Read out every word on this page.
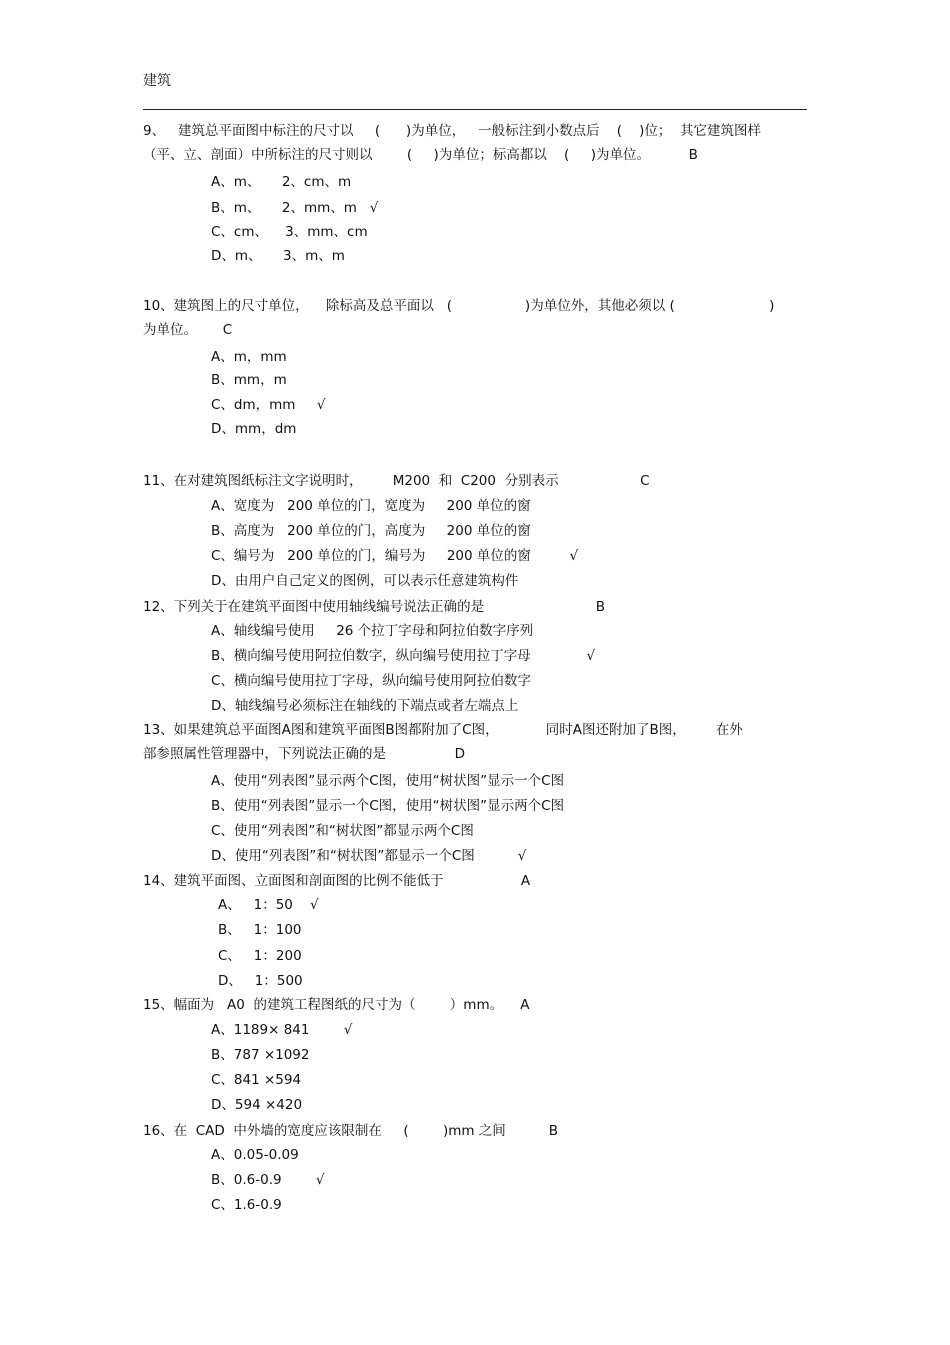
建筑
9、   建筑总平面图中标注的尺寸以     (      )为单位，   一般标注到小数点后    (    )位；  其它建筑图样
（平、立、剖面）中所标注的尺寸则以        (     )为单位；标高都以    (     )为单位。         B
A、m、     2、cm、m
B、m、     2、mm、m   √
C、cm、    3、mm、cm
D、m、     3、m、m
10、建筑图上的尺寸单位，    除标高及总平面以   (                 )为单位外，其他必须以 (                      )
为单位。      C
A、m，mm
B、mm，m
C、dm，mm     √
D、mm，dm
11、在对建筑图纸标注文字说明时，       M200  和  C200  分别表示                   C
A、宽度为   200 单位的门，宽度为     200 单位的窗
B、高度为   200 单位的门，高度为     200 单位的窗
C、编号为   200 单位的门，编号为     200 单位的窗         √
D、由用户自己定义的图例，可以表示任意建筑构件
12、下列关于在建筑平面图中使用轴线编号说法正确的是                          B
A、轴线编号使用     26 个拉丁字母和阿拉伯数字序列
B、横向编号使用阿拉伯数字，纵向编号使用拉丁字母             √
C、横向编号使用拉丁字母，纵向编号使用阿拉伯数字
D、轴线编号必须标注在轴线的下端点或者左端点上
13、如果建筑总平面图A图和建筑平面图B图都附加了C图，           同时A图还附加了B图，       在外
部参照属性管理器中，下列说法正确的是                D
A、使用“列表图”显示两个C图，使用“树状图”显示一个C图
B、使用“列表图”显示一个C图，使用“树状图”显示两个C图
C、使用“列表图”和“树状图”都显示两个C图
D、使用“列表图”和“树状图”都显示一个C图          √
14、建筑平面图、立面图和剖面图的比例不能低于                  A
A、   1：50    √
B、   1：100
C、   1：200
D、   1：500
15、幅面为   A0  的建筑工程图纸的尺寸为（        ）mm。    A
A、1189× 841        √
B、787 ×1092
C、841 ×594
D、594 ×420
16、在  CAD  中外墙的宽度应该限制在     (        )mm 之间          B
A、0.05-0.09
B、0.6-0.9        √
C、1.6-0.9
